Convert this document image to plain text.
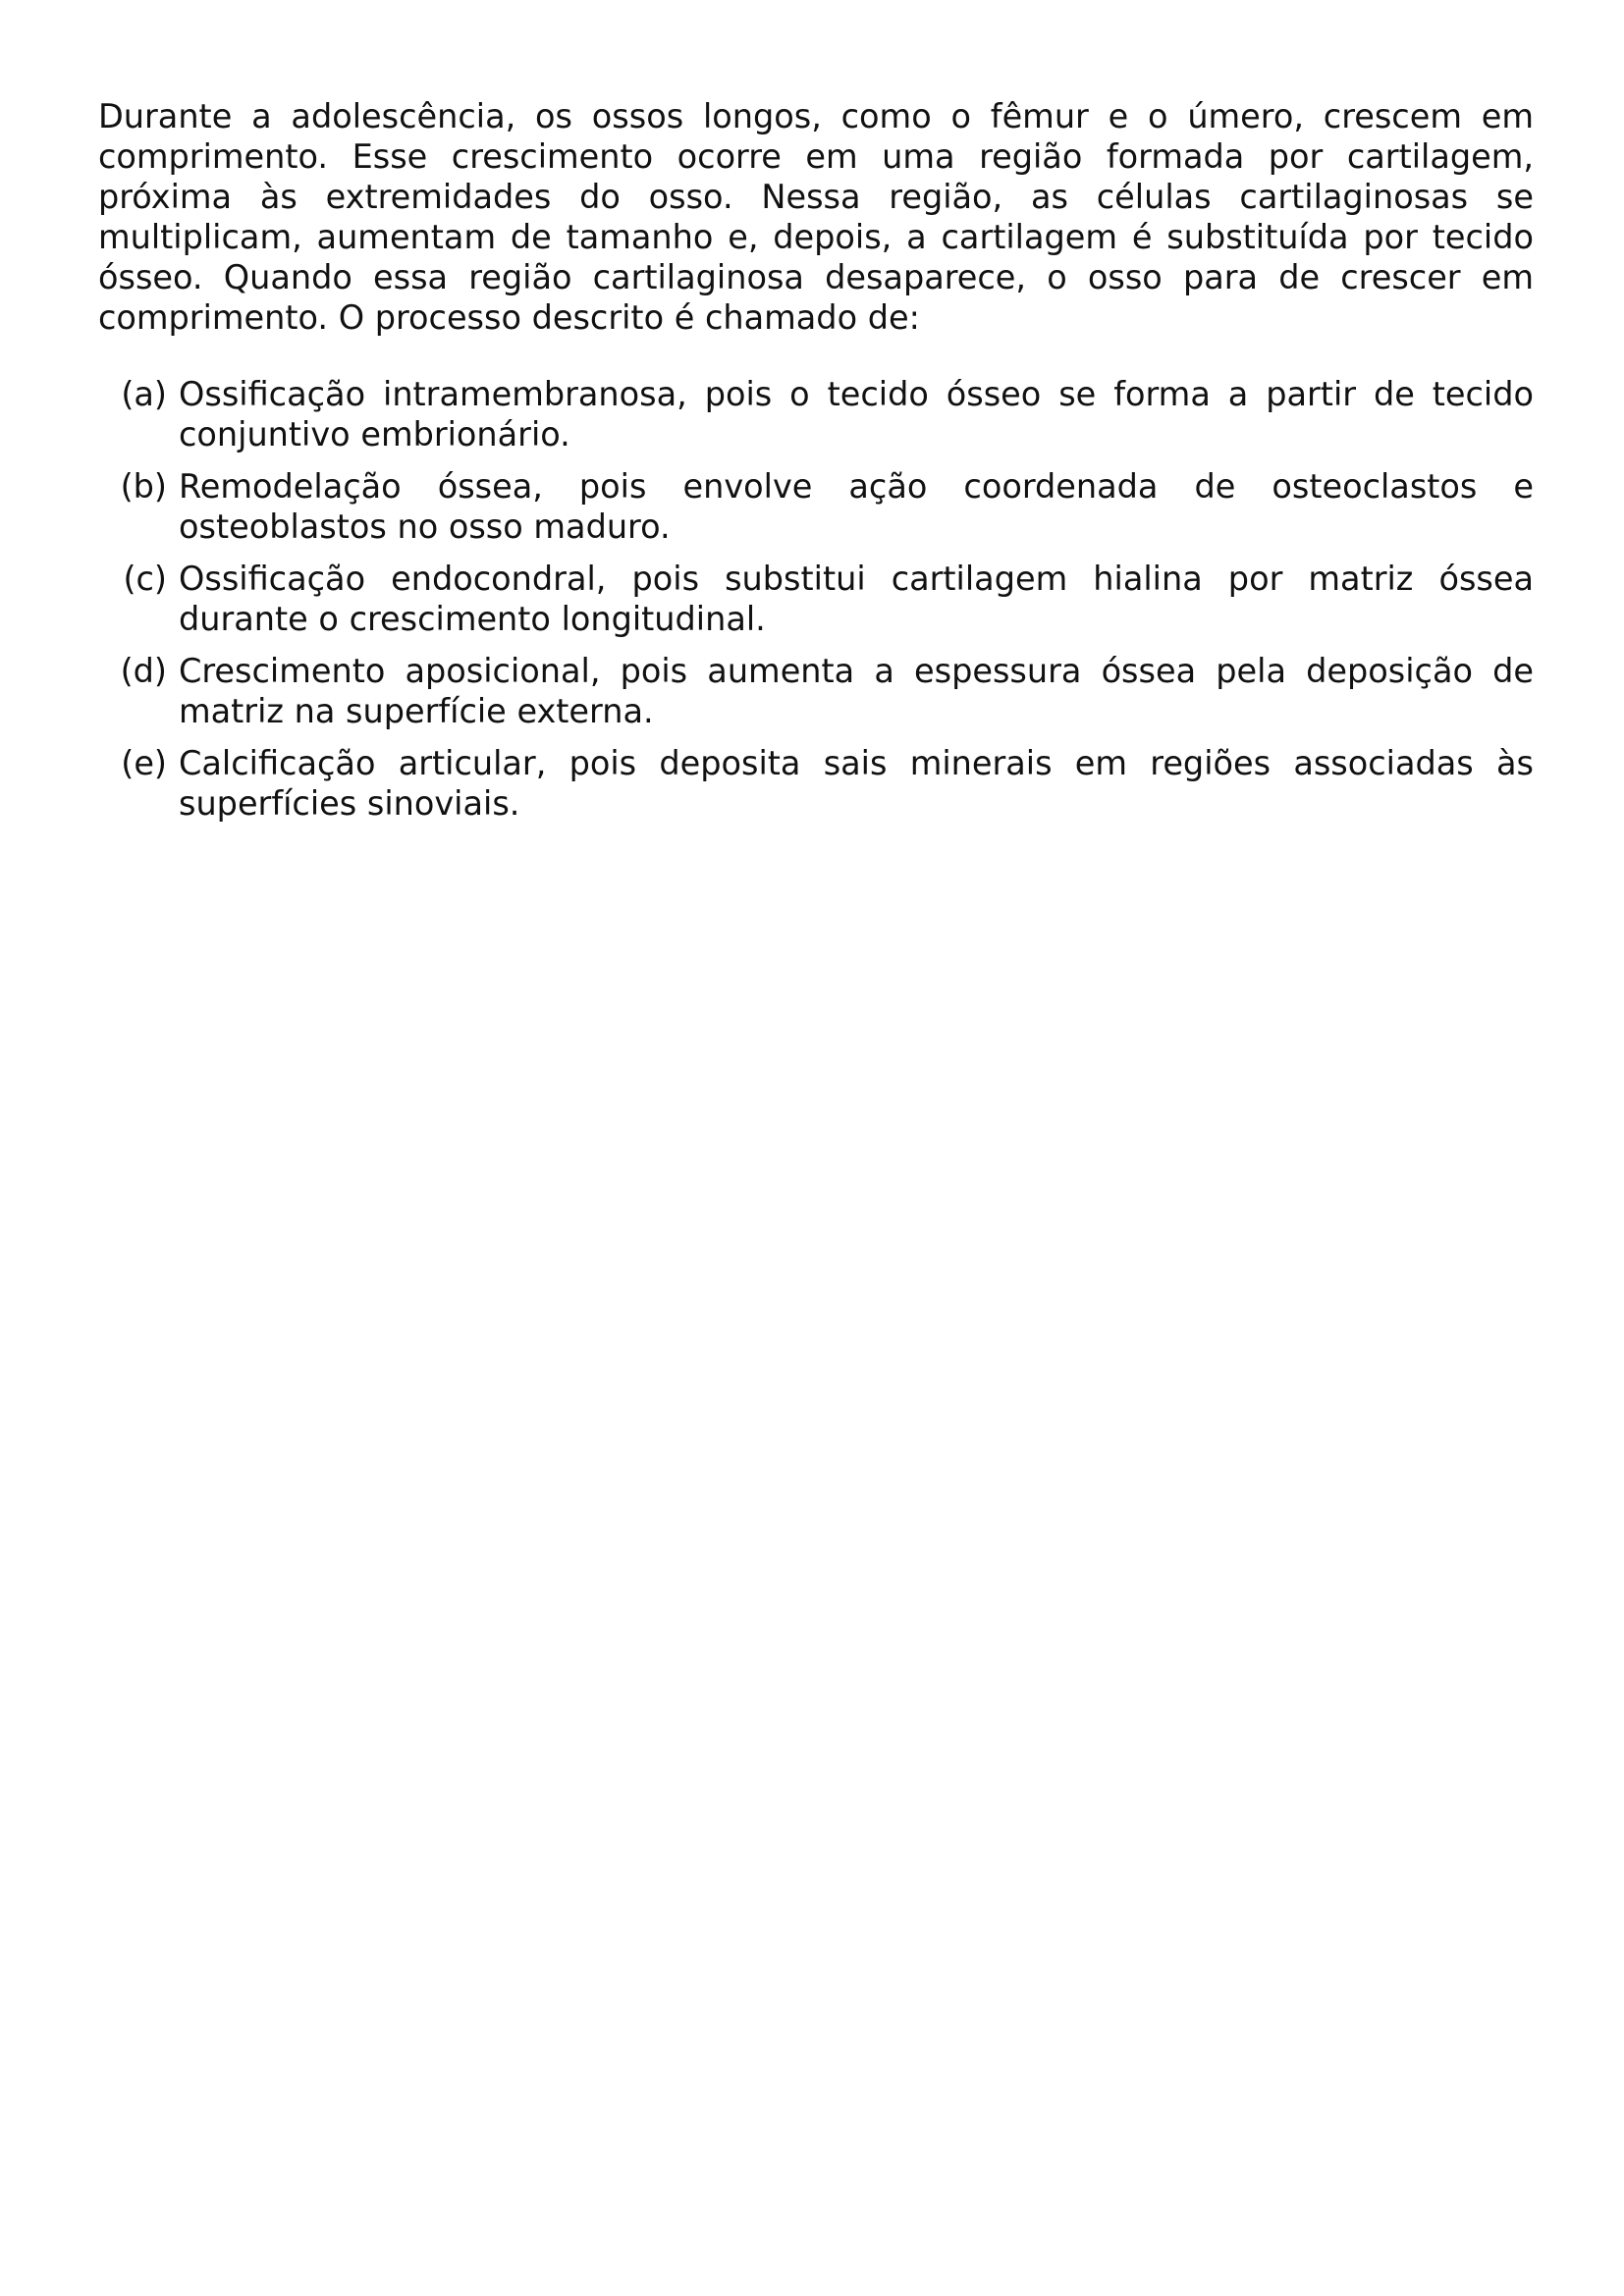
Durante a adolescência, os ossos longos, como o fêmur e o úmero, crescem em comprimento. Esse crescimento ocorre em uma região formada por cartilagem, próxima às extremidades do osso. Nessa região, as células cartilaginosas se multiplicam, aumentam de tamanho e, depois, a cartilagem é substituída por tecido ósseo. Quando essa região cartilaginosa desaparece, o osso para de crescer em comprimento. O processo descrito é chamado de:

(a) Ossificação intramembranosa, pois o tecido ósseo se forma a partir de tecido conjuntivo embrionário.
(b) Remodelação óssea, pois envolve ação coordenada de osteoclastos e osteoblastos no osso maduro.
(c) Ossificação endocondral, pois substitui cartilagem hialina por matriz óssea durante o crescimento longitudinal.
(d) Crescimento aposicional, pois aumenta a espessura óssea pela deposição de matriz na superfície externa.
(e) Calcificação articular, pois deposita sais minerais em regiões associadas às superfícies sinoviais.
